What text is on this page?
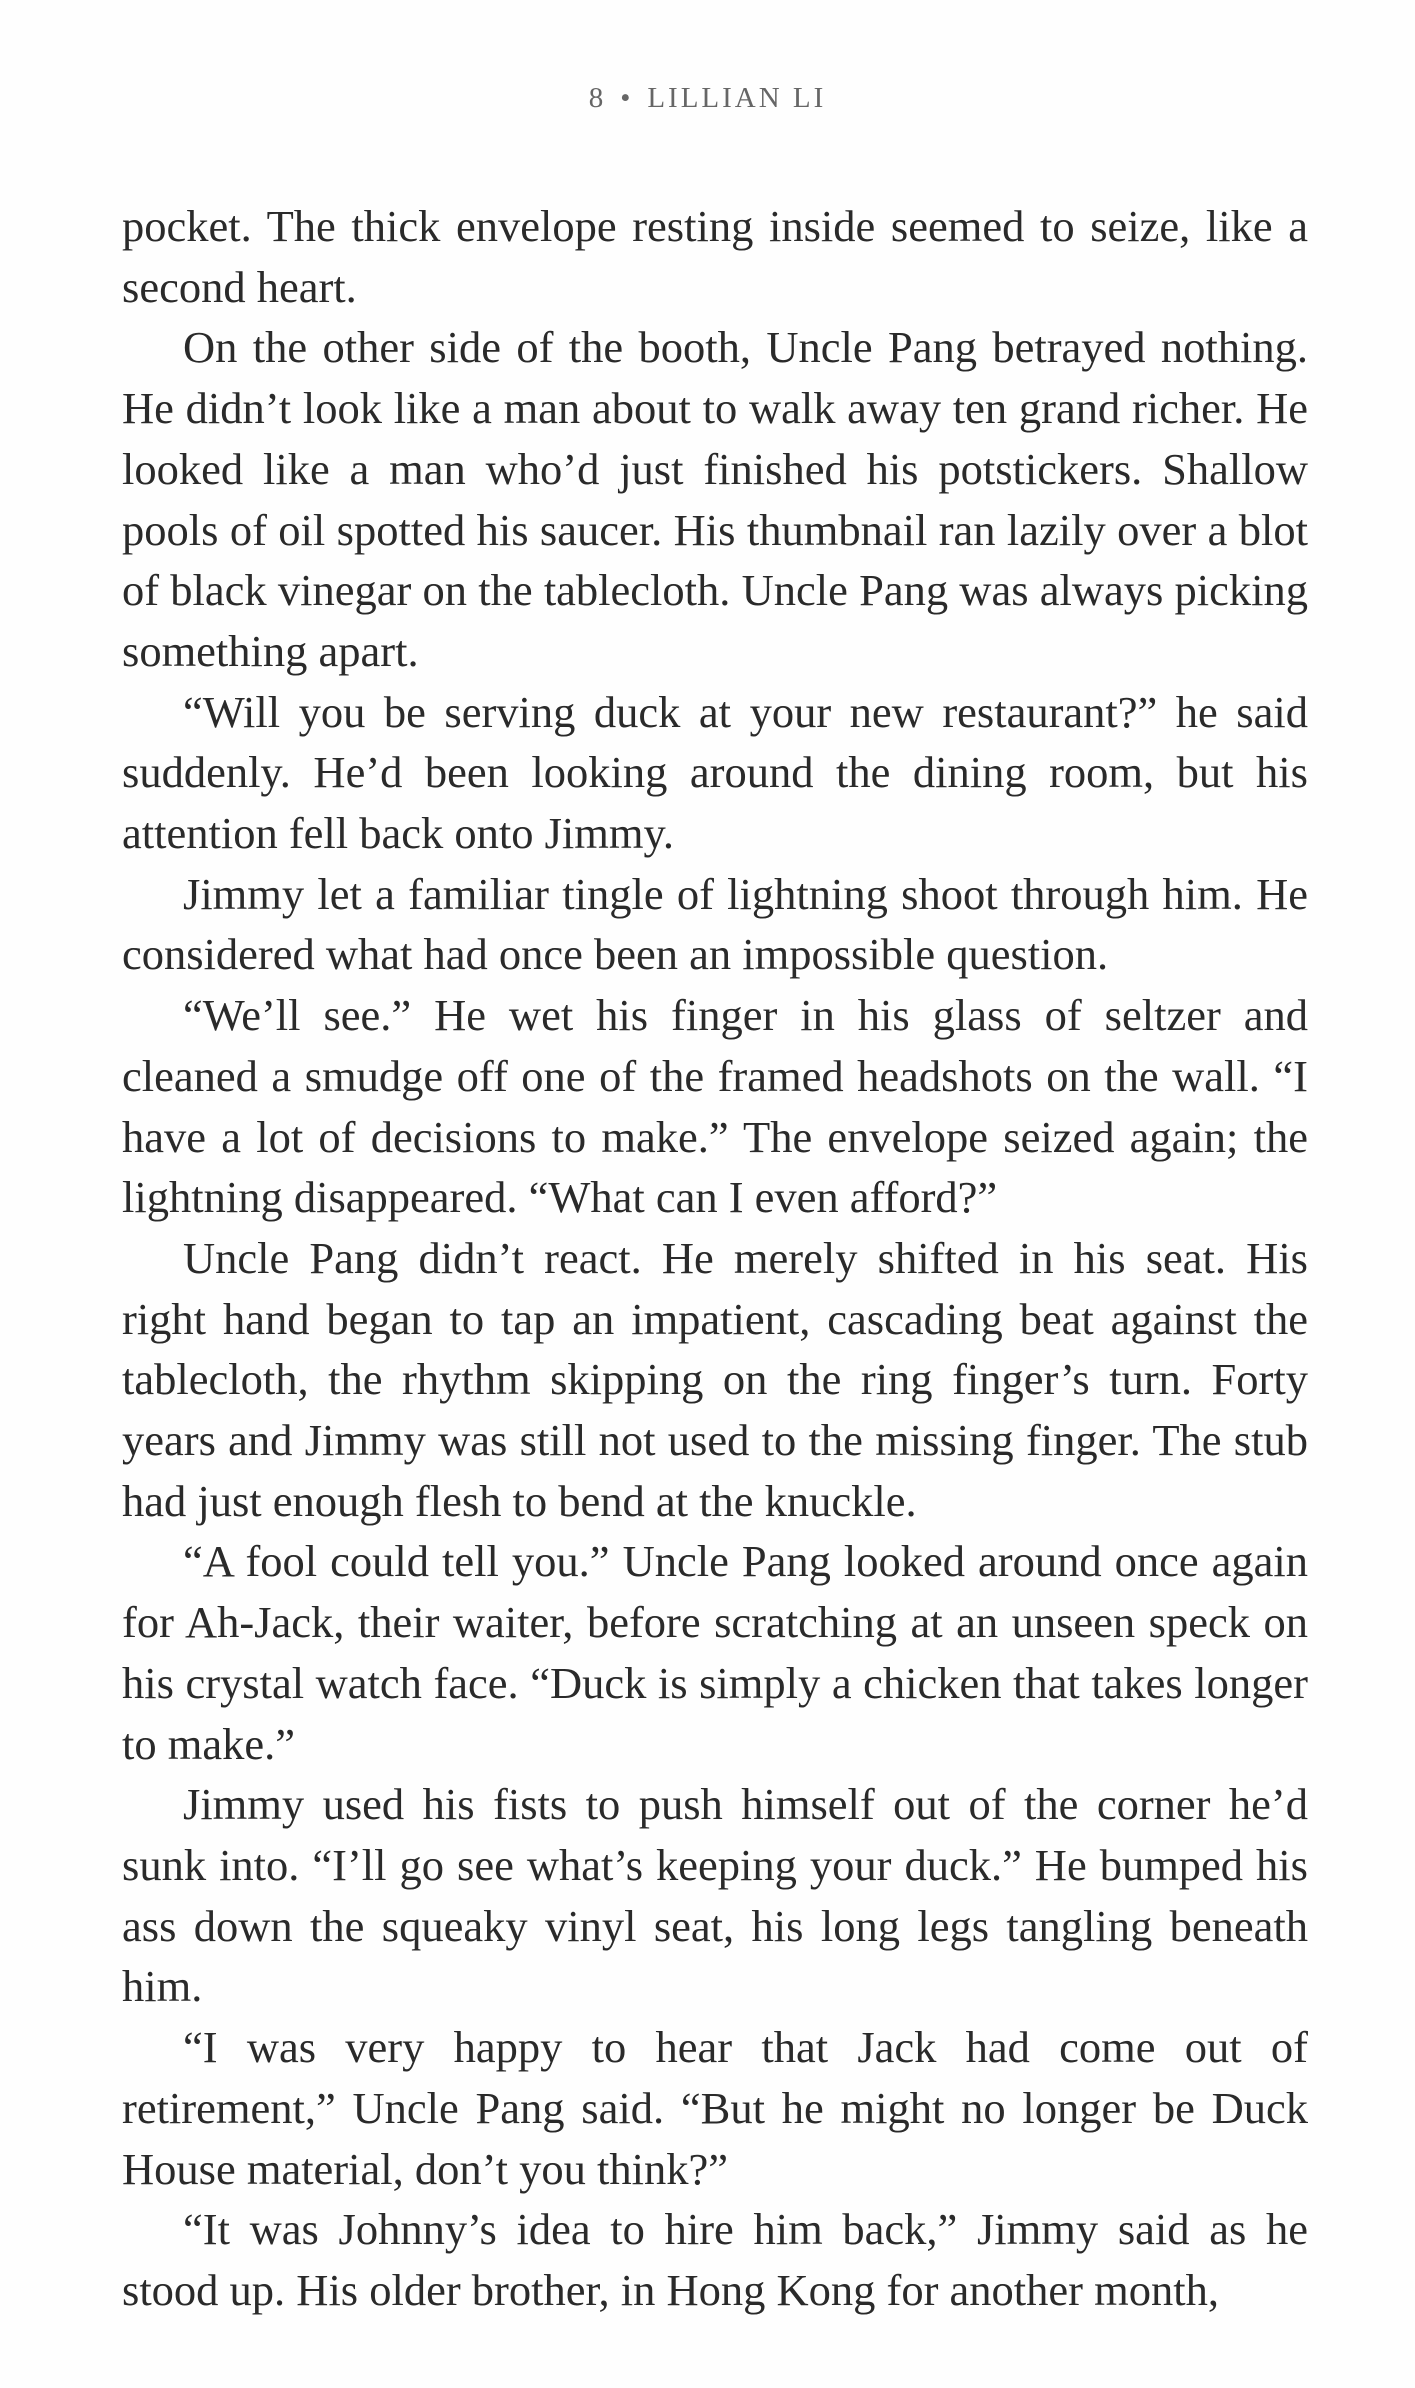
8 • LILLIAN LI

pocket. The thick envelope resting inside seemed to seize, like a second heart.

On the other side of the booth, Uncle Pang betrayed nothing. He didn’t look like a man about to walk away ten grand richer. He looked like a man who’d just finished his potstickers. Shallow pools of oil spotted his saucer. His thumbnail ran lazily over a blot of black vinegar on the tablecloth. Uncle Pang was always picking something apart.

“Will you be serving duck at your new restaurant?” he said suddenly. He’d been looking around the dining room, but his attention fell back onto Jimmy.

Jimmy let a familiar tingle of lightning shoot through him. He considered what had once been an impossible question.

“We’ll see.” He wet his finger in his glass of seltzer and cleaned a smudge off one of the framed headshots on the wall. “I have a lot of decisions to make.” The envelope seized again; the lightning disappeared. “What can I even afford?”

Uncle Pang didn’t react. He merely shifted in his seat. His right hand began to tap an impatient, cascading beat against the tablecloth, the rhythm skipping on the ring finger’s turn. Forty years and Jimmy was still not used to the missing finger. The stub had just enough flesh to bend at the knuckle.

“A fool could tell you.” Uncle Pang looked around once again for Ah-Jack, their waiter, before scratching at an unseen speck on his crystal watch face. “Duck is simply a chicken that takes longer to make.”

Jimmy used his fists to push himself out of the corner he’d sunk into. “I’ll go see what’s keeping your duck.” He bumped his ass down the squeaky vinyl seat, his long legs tangling beneath him.

“I was very happy to hear that Jack had come out of retirement,” Uncle Pang said. “But he might no longer be Duck House material, don’t you think?”

“It was Johnny’s idea to hire him back,” Jimmy said as he stood up. His older brother, in Hong Kong for another month,
